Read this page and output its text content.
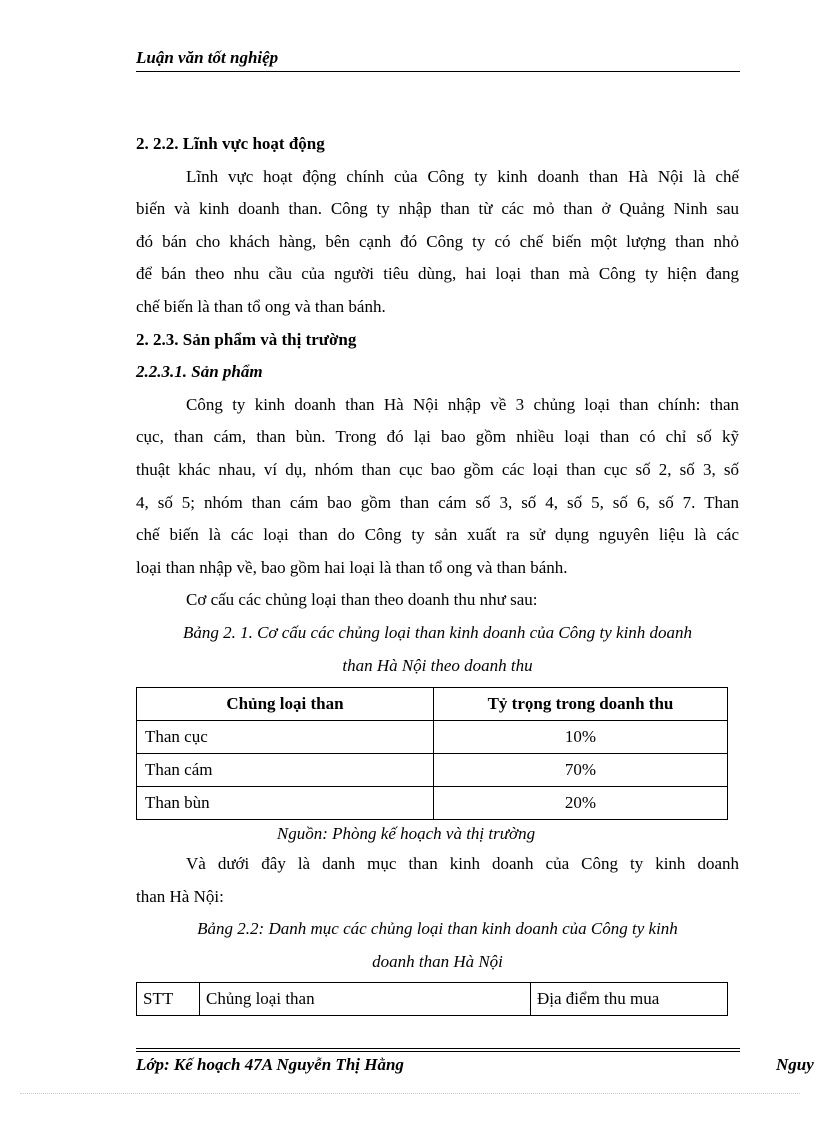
Luận văn tốt nghiệp
2. 2.2. Lĩnh vực hoạt động
Lĩnh vực hoạt động chính của Công ty kinh doanh than Hà Nội là chế
biến và kinh doanh than. Công ty nhập than từ các mỏ than ở Quảng Ninh sau
đó bán cho khách hàng, bên cạnh đó Công ty có chế biến một lượng than nhỏ
để bán theo nhu cầu của người tiêu dùng, hai loại than mà Công ty hiện đang
chế biến là than tổ ong và than bánh.
2. 2.3. Sản phẩm và thị trường
2.2.3.1. Sản phẩm
Công ty kinh doanh than Hà Nội nhập về 3 chủng loại than chính: than
cục, than cám, than bùn. Trong đó lại bao gồm nhiều loại than có chỉ số kỹ
thuật khác nhau, ví dụ, nhóm than cục bao gồm các loại than cục số 2, số 3, số
4, số 5; nhóm than cám bao gồm than cám số 3, số 4, số 5, số 6, số 7. Than
chế biến là các loại than do Công ty sản xuất ra sử dụng nguyên liệu là các
loại than nhập về, bao gồm hai loại là than tổ ong và than bánh.
Cơ cấu các chủng loại than theo doanh thu như sau:
Bảng 2. 1. Cơ cấu các chủng loại than kinh doanh của Công ty kinh doanh
than Hà Nội theo doanh thu
Chủng loại than	Tỷ trọng trong doanh thu
Than cục	10%
Than cám	70%
Than bùn	20%
Nguồn: Phòng kế hoạch và thị trường
Và dưới đây là danh mục than kinh doanh của Công ty kinh doanh
than Hà Nội:
Bảng 2.2: Danh mục các chủng loại than kinh doanh của Công ty kinh
doanh than Hà Nội
STT	Chủng loại than	Địa điểm thu mua
Lớp: Kế hoạch 47A Nguyễn Thị Hằng	Nguy
